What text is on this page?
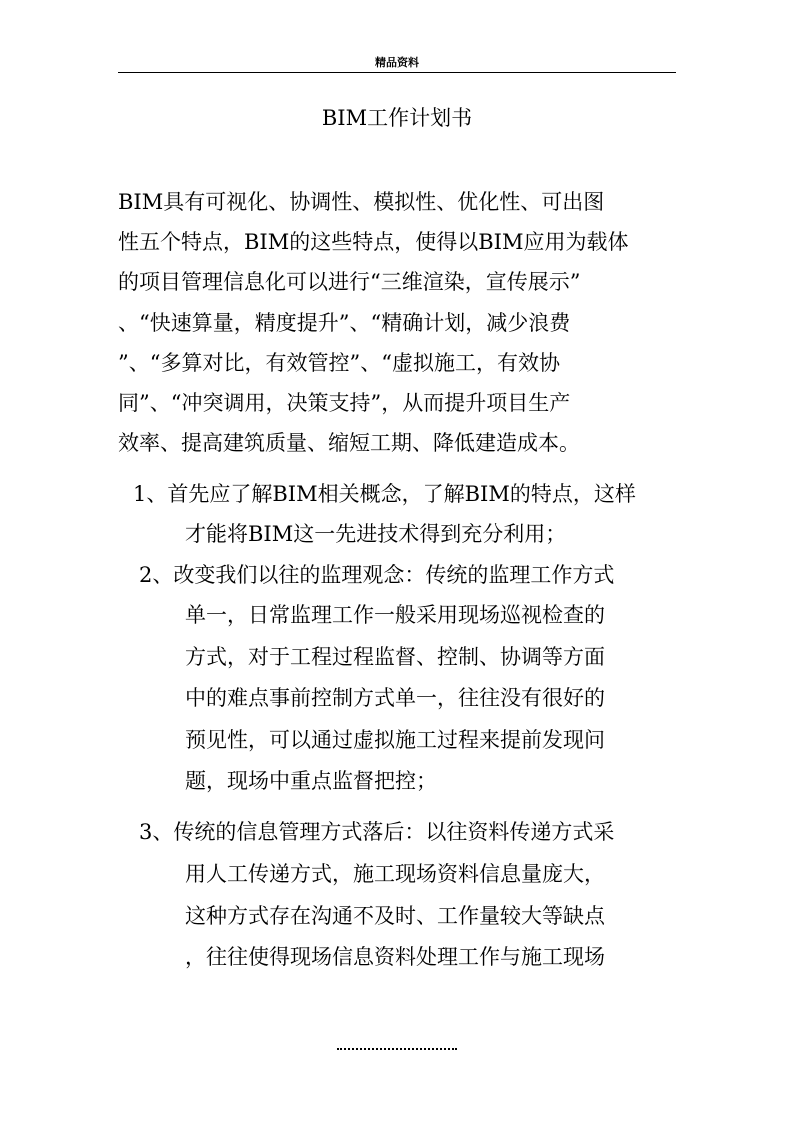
精品资料
BIM工作计划书
BIM具有可视化、协调性、模拟性、优化性、可出图
性五个特点，BIM的这些特点，使得以BIM应用为载体
的项目管理信息化可以进行“三维渲染，宣传展示”
、“快速算量，精度提升”、“精确计划，减少浪费
”、“多算对比，有效管控”、“虚拟施工，有效协
同”、“冲突调用，决策支持”，从而提升项目生产
效率、提高建筑质量、缩短工期、降低建造成本。
1、首先应了解BIM相关概念，了解BIM的特点，这样
才能将BIM这一先进技术得到充分利用；
2、改变我们以往的监理观念：传统的监理工作方式
单一，日常监理工作一般采用现场巡视检查的
方式，对于工程过程监督、控制、协调等方面
中的难点事前控制方式单一，往往没有很好的
预见性，可以通过虚拟施工过程来提前发现问
题，现场中重点监督把控；
3、传统的信息管理方式落后：以往资料传递方式采
用人工传递方式，施工现场资料信息量庞大，
这种方式存在沟通不及时、工作量较大等缺点
，往往使得现场信息资料处理工作与施工现场
